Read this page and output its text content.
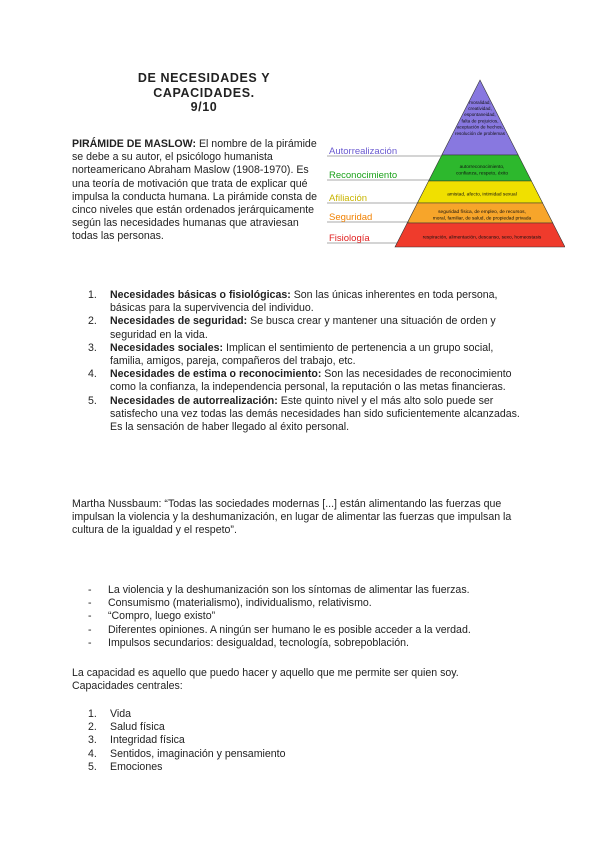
DE NECESIDADES Y
CAPACIDADES.
9/10
PIRÁMIDE DE MASLOW: El nombre de la pirámide se debe a su autor, el psicólogo humanista norteamericano Abraham Maslow (1908-1970). Es una teoría de motivación que trata de explicar qué impulsa la conducta humana. La pirámide consta de cinco niveles que están ordenados jerárquicamente según las necesidades humanas que atraviesan todas las personas.
Autorrealización
moralidad,
creatividad,
espontaneidad,
falta de prejuicios,
aceptación de hechos,
resolución de problemas
Reconocimiento
autorreconocimiento,
confianza, respeto, éxito
Afiliación	amistad, afecto, intimidad sexual
Seguridad	seguridad física, de empleo, de recursos,
moral, familiar, de salud, de propiedad privada
Fisiología	respiración, alimentación, descanso, sexo, homeostasis
1. Necesidades básicas o fisiológicas: Son las únicas inherentes en toda persona, básicas para la supervivencia del individuo.
2. Necesidades de seguridad: Se busca crear y mantener una situación de orden y seguridad en la vida.
3. Necesidades sociales: Implican el sentimiento de pertenencia a un grupo social, familia, amigos, pareja, compañeros del trabajo, etc.
4. Necesidades de estima o reconocimiento: Son las necesidades de reconocimiento como la confianza, la independencia personal, la reputación o las metas financieras.
5. Necesidades de autorrealización: Este quinto nivel y el más alto solo puede ser satisfecho una vez todas las demás necesidades han sido suficientemente alcanzadas. Es la sensación de haber llegado al éxito personal.
Martha Nussbaum: “Todas las sociedades modernas [...] están alimentando las fuerzas que impulsan la violencia y la deshumanización, en lugar de alimentar las fuerzas que impulsan la cultura de la igualdad y el respeto”.
- La violencia y la deshumanización son los síntomas de alimentar las fuerzas.
- Consumismo (materialismo), individualismo, relativismo.
- “Compro, luego existo”
- Diferentes opiniones. A ningún ser humano le es posible acceder a la verdad.
- Impulsos secundarios: desigualdad, tecnología, sobrepoblación.
La capacidad es aquello que puedo hacer y aquello que me permite ser quien soy.
Capacidades centrales:
1. Vida
2. Salud física
3. Integridad física
4. Sentidos, imaginación y pensamiento
5. Emociones
